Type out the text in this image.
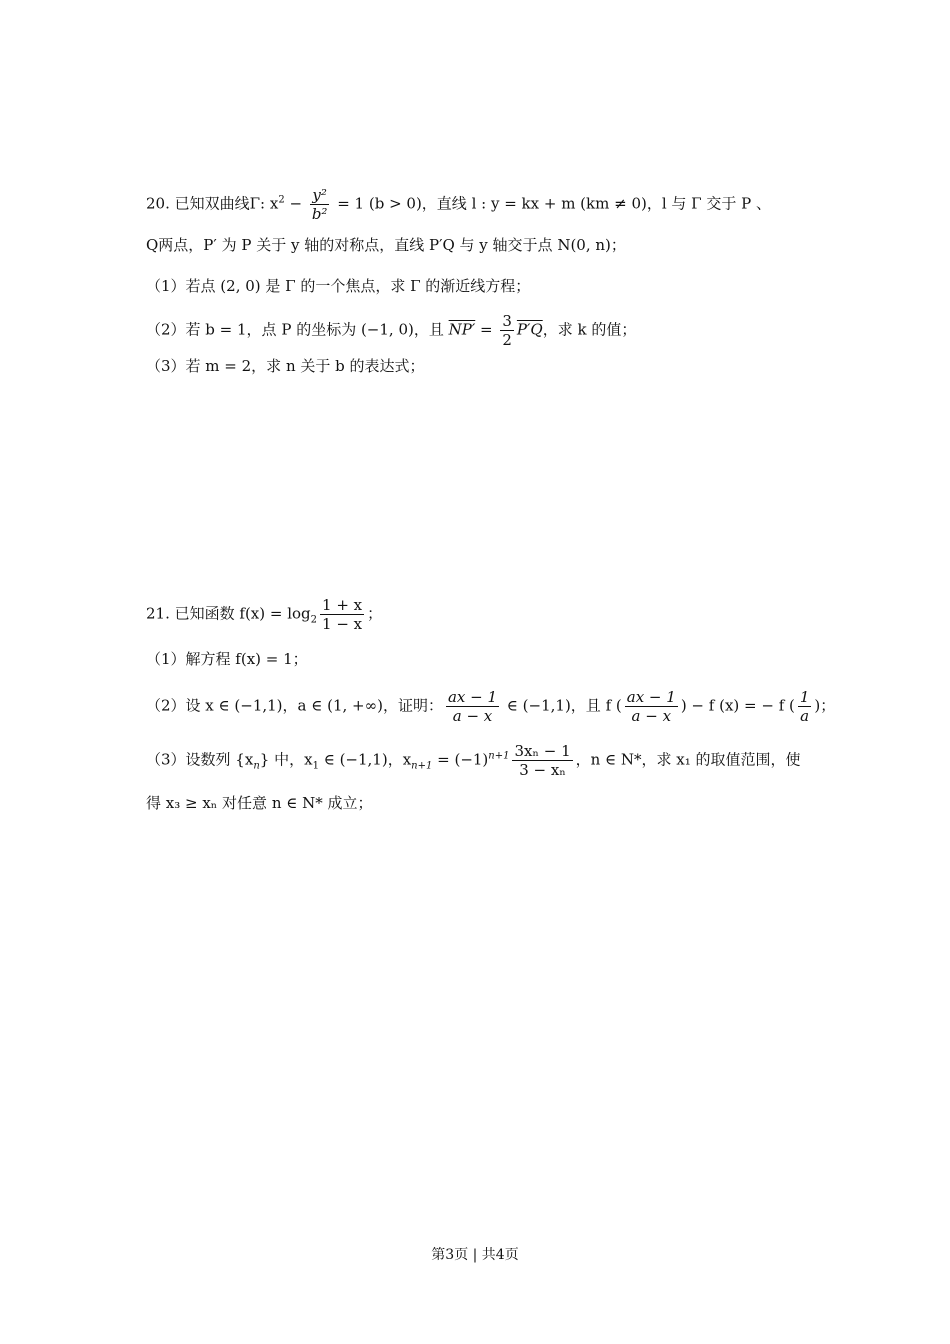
20. 已知双曲线Γ: $x^2 - \frac{\text{y²}}{\text{b²}} = 1$ (b > 0)，直线 l : y = kx + m (km ≠ 0)，l 与 Γ 交于 P 、
Q两点，P′ 为 P 关于 y 轴的对称点，直线 P′Q 与 y 轴交于点 N(0, n)；
（1）若点 (2, 0) 是 Γ 的一个焦点，求 Γ 的渐近线方程；
（2）若 b = 1，点 P 的坐标为 (−1, 0)，且 $NP' = \frac{3}{2} P'Q$，求 k 的值；
（3）若 m = 2，求 n 关于 b 的表达式；
21. 已知函数 $f(x) = \log_2 \frac{1 + x}{1 - x}$ ；
（1）解方程 f(x) = 1；
（2）设 x ∈ (−1,1)，a ∈ (1, +∞)，证明： $\frac{ax - 1}{a - x}$ ∈ (−1,1)，且 f ( $\frac{ax - 1}{a - x}$ ) − f (x) = − f ( $\frac{1}{a}$ )；
（3）设数列 $\{x_n\}$ 中，$x_1$ ∈ (−1,1)，$x_{n+1} = (-1)^{n+1} \frac{\text{3xₙ − 1}}{\text{3 − xₙ}}$ ，n ∈ N*，求 x₁ 的取值范围，使
得 x₃ ≥ xₙ 对任意 n ∈ N* 成立；
第3页 | 共4页
